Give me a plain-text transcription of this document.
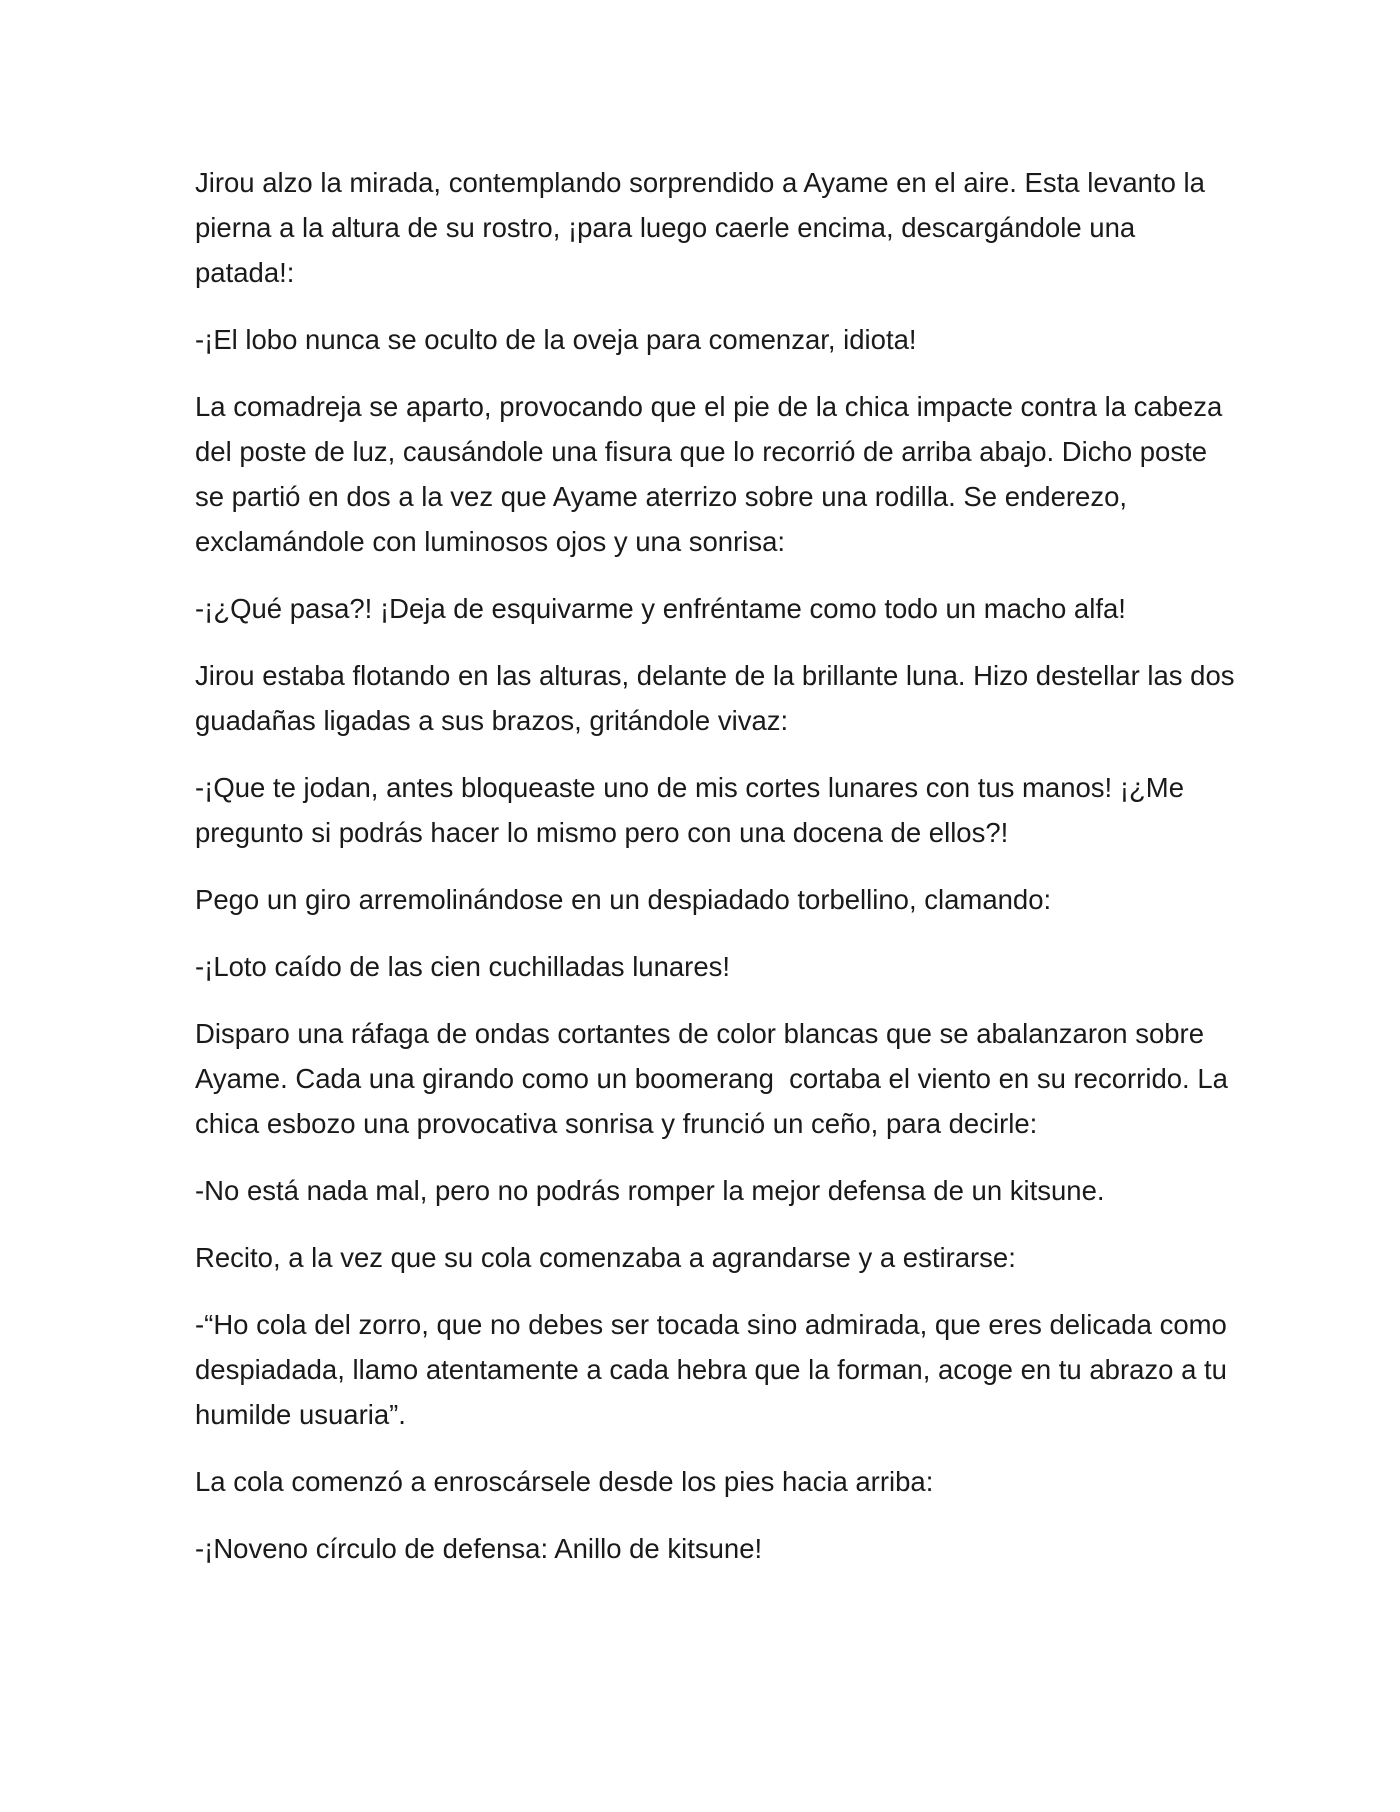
Jirou alzo la mirada, contemplando sorprendido a Ayame en el aire. Esta levanto la pierna a la altura de su rostro, ¡para luego caerle encima, descargándole una patada!:

-¡El lobo nunca se oculto de la oveja para comenzar, idiota!

La comadreja se aparto, provocando que el pie de la chica impacte contra la cabeza del poste de luz, causándole una fisura que lo recorrió de arriba abajo. Dicho poste se partió en dos a la vez que Ayame aterrizo sobre una rodilla. Se enderezo, exclamándole con luminosos ojos y una sonrisa:

-¡¿Qué pasa?! ¡Deja de esquivarme y enfréntame como todo un macho alfa!

Jirou estaba flotando en las alturas, delante de la brillante luna. Hizo destellar las dos guadañas ligadas a sus brazos, gritándole vivaz:

-¡Que te jodan, antes bloqueaste uno de mis cortes lunares con tus manos! ¡¿Me pregunto si podrás hacer lo mismo pero con una docena de ellos?!

Pego un giro arremolinándose en un despiadado torbellino, clamando:

-¡Loto caído de las cien cuchilladas lunares!

Disparo una ráfaga de ondas cortantes de color blancas que se abalanzaron sobre Ayame. Cada una girando como un boomerang  cortaba el viento en su recorrido. La chica esbozo una provocativa sonrisa y frunció un ceño, para decirle:

-No está nada mal, pero no podrás romper la mejor defensa de un kitsune.

Recito, a la vez que su cola comenzaba a agrandarse y a estirarse:

-“Ho cola del zorro, que no debes ser tocada sino admirada, que eres delicada como despiadada, llamo atentamente a cada hebra que la forman, acoge en tu abrazo a tu humilde usuaria”.

La cola comenzó a enroscársele desde los pies hacia arriba:

-¡Noveno círculo de defensa: Anillo de kitsune!
